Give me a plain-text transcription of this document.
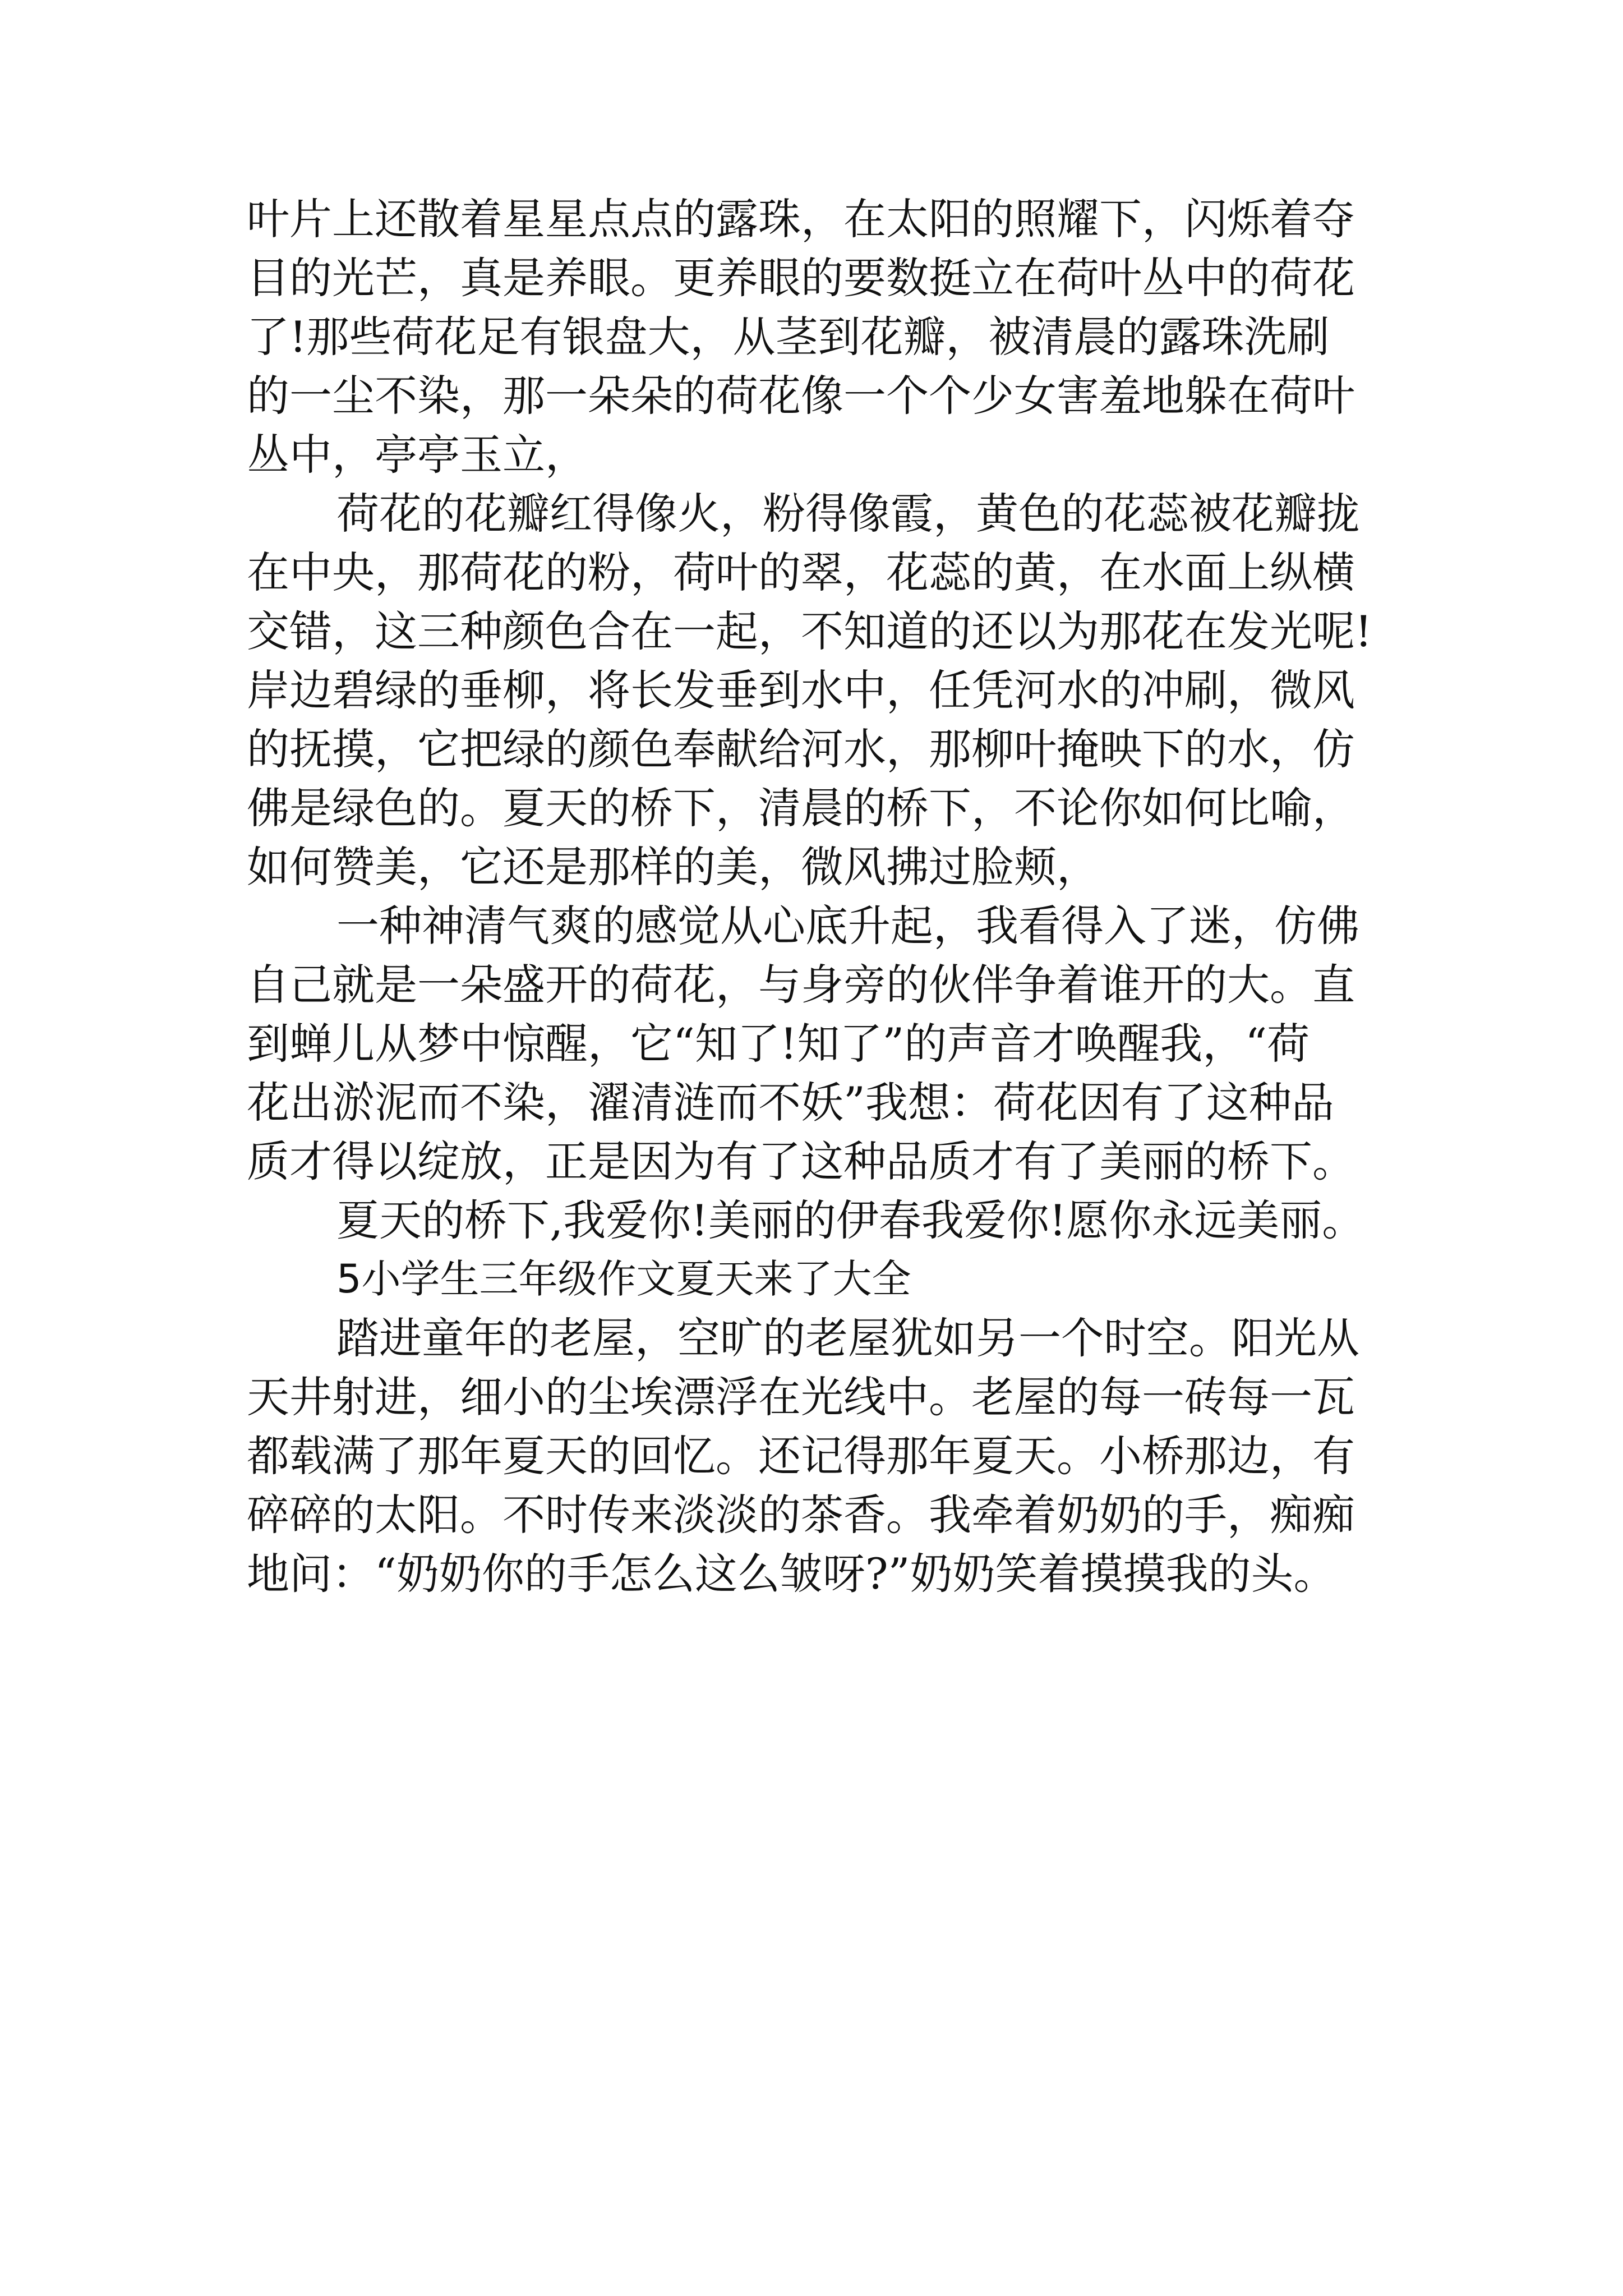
叶片上还散着星星点点的露珠，在太阳的照耀下，闪烁着夺
目的光芒，真是养眼。更养眼的要数挺立在荷叶丛中的荷花
了!那些荷花足有银盘大，从茎到花瓣，被清晨的露珠洗刷
的一尘不染，那一朵朵的荷花像一个个少女害羞地躲在荷叶
丛中，亭亭玉立，
荷花的花瓣红得像火，粉得像霞，黄色的花蕊被花瓣拢
在中央，那荷花的粉，荷叶的翠，花蕊的黄，在水面上纵横
交错，这三种颜色合在一起，不知道的还以为那花在发光呢!
岸边碧绿的垂柳，将长发垂到水中，任凭河水的冲刷，微风
的抚摸，它把绿的颜色奉献给河水，那柳叶掩映下的水，仿
佛是绿色的。夏天的桥下，清晨的桥下，不论你如何比喻，
如何赞美，它还是那样的美，微风拂过脸颊，
一种神清气爽的感觉从心底升起，我看得入了迷，仿佛
自己就是一朵盛开的荷花，与身旁的伙伴争着谁开的大。直
到蝉儿从梦中惊醒，它“知了!知了”的声音才唤醒我，“荷
花出淤泥而不染，濯清涟而不妖”我想：荷花因有了这种品
质才得以绽放，正是因为有了这种品质才有了美丽的桥下。
夏天的桥下,我爱你!美丽的伊春我爱你!愿你永远美丽。
5小学生三年级作文夏天来了大全
踏进童年的老屋，空旷的老屋犹如另一个时空。阳光从
天井射进，细小的尘埃漂浮在光线中。老屋的每一砖每一瓦
都载满了那年夏天的回忆。还记得那年夏天。小桥那边，有
碎碎的太阳。不时传来淡淡的茶香。我牵着奶奶的手，痴痴
地问：“奶奶你的手怎么这么皱呀?”奶奶笑着摸摸我的头。
